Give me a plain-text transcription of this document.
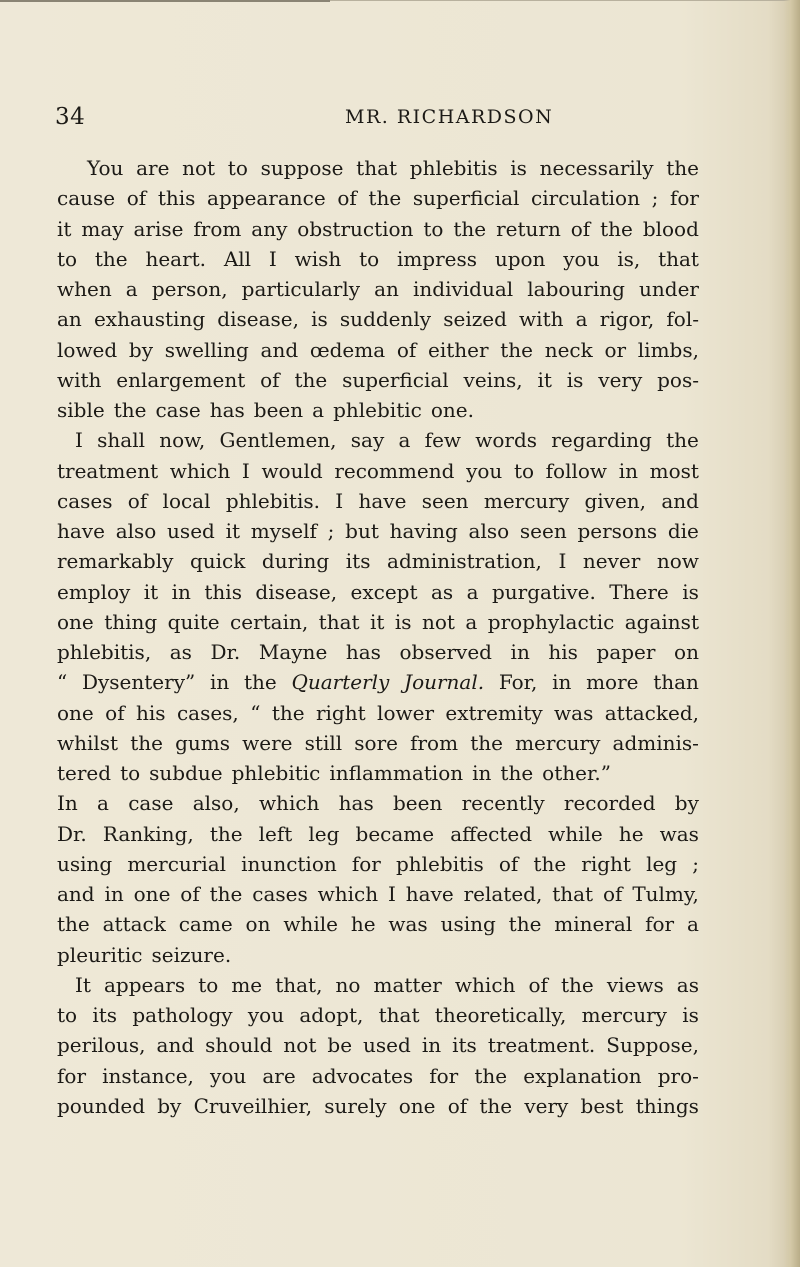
34	MR. RICHARDSON
You are not to suppose that phlebitis is necessarily the
cause of this appearance of the superficial circulation ; for
it may arise from any obstruction to the return of the blood
to the heart. All I wish to impress upon you is, that
when a person, particularly an individual labouring under
an exhausting disease, is suddenly seized with a rigor, fol-
lowed by swelling and œdema of either the neck or limbs,
with enlargement of the superficial veins, it is very pos-
sible the case has been a phlebitic one.
I shall now, Gentlemen, say a few words regarding the
treatment which I would recommend you to follow in most
cases of local phlebitis. I have seen mercury given, and
have also used it myself ; but having also seen persons die
remarkably quick during its administration, I never now
employ it in this disease, except as a purgative. There is
one thing quite certain, that it is not a prophylactic against
phlebitis, as Dr. Mayne has observed in his paper on
“ Dysentery” in the Quarterly Journal. For, in more than
one of his cases, “ the right lower extremity was attacked,
whilst the gums were still sore from the mercury adminis-
tered to subdue phlebitic inflammation in the other.”
In a case also, which has been recently recorded by
Dr. Ranking, the left leg became affected while he was
using mercurial inunction for phlebitis of the right leg ;
and in one of the cases which I have related, that of Tulmy,
the attack came on while he was using the mineral for a
pleuritic seizure.
It appears to me that, no matter which of the views as
to its pathology you adopt, that theoretically, mercury is
perilous, and should not be used in its treatment. Suppose,
for instance, you are advocates for the explanation pro-
pounded by Cruveilhier, surely one of the very best things
